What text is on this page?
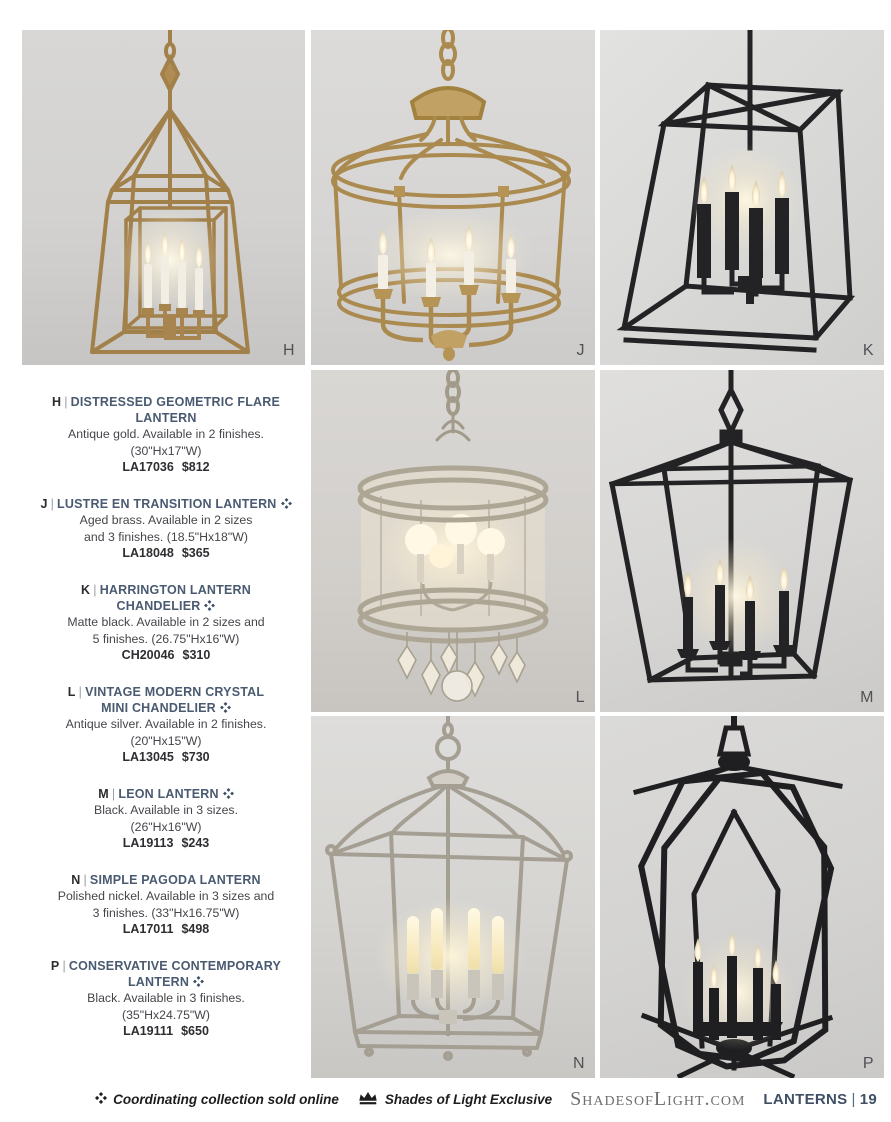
H	J	K
L	M
N	P
H | DISTRESSED GEOMETRIC FLARE
LANTERN

Antique gold. Available in 2 finishes.

(30"Hx17"W)

LA17036 $812

J | LUSTRE EN TRANSITION LANTERN

Aged brass. Available in 2 sizes

and 3 finishes. (18.5"Hx18"W)

LA18048 $365

K | HARRINGTON LANTERN
CHANDELIER

Matte black. Available in 2 sizes and

5 finishes. (26.75"Hx16"W)

CH20046 $310

L | VINTAGE MODERN CRYSTAL
MINI CHANDELIER

Antique silver. Available in 2 finishes.

(20"Hx15"W)

LA13045 $730

M | LEON LANTERN

Black. Available in 3 sizes.

(26"Hx16"W)

LA19113 $243

N | SIMPLE PAGODA LANTERN

Polished nickel. Available in 3 sizes and

3 finishes. (33"Hx16.75"W)

LA17011 $498

P | CONSERVATIVE CONTEMPORARY
LANTERN

Black. Available in 3 finishes.

(35"Hx24.75"W)

LA19111 $650

Coordinating collection sold online	Shades of Light Exclusive ShadesofLight.com LANTERNS | 19
